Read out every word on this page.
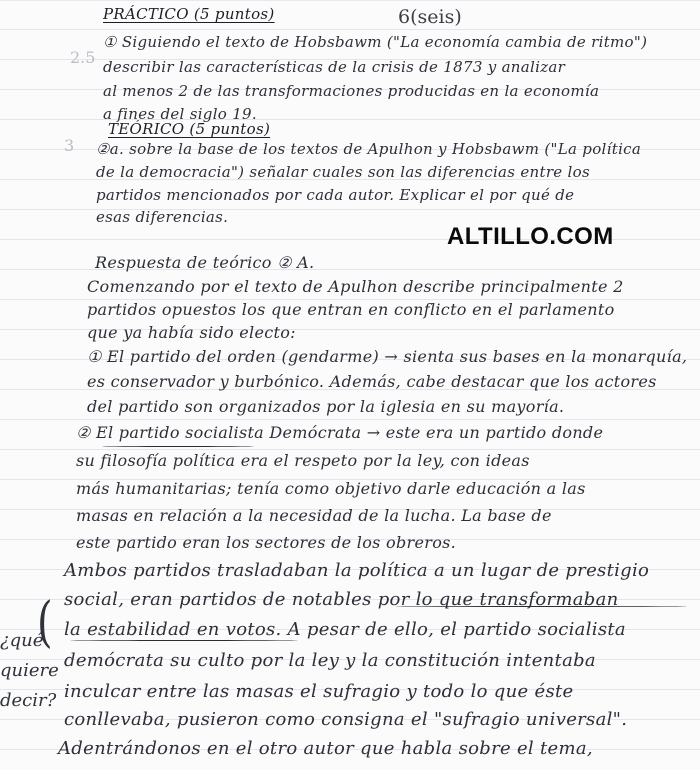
6(seis)
2.5
3
PRÁCTICO (5 puntos)
① Siguiendo el texto de Hobsbawm ("La economía cambia de ritmo")
describir las características de la crisis de 1873 y analizar
al menos 2 de las transformaciones producidas en la economía
a fines del siglo 19.
TEÓRICO (5 puntos)
②a. sobre la base de los textos de Apulhon y Hobsbawm ("La política
de la democracia") señalar cuales son las diferencias entre los
partidos mencionados por cada autor. Explicar el por qué de
esas diferencias.
ALTILLO.COM
Respuesta de teórico ② A.
Comenzando por el texto de Apulhon describe principalmente 2
partidos opuestos los que entran en conflicto en el parlamento
que ya había sido electo:
① El partido del orden (gendarme) → sienta sus bases en la monarquía,
es conservador y burbónico. Además, cabe destacar que los actores
del partido son organizados por la iglesia en su mayoría.
② El partido socialista Demócrata → este era un partido donde
su filosofía política era el respeto por la ley, con ideas
más humanitarias; tenía como objetivo darle educación a las
masas en relación a la necesidad de la lucha. La base de
este partido eran los sectores de los obreros.
Ambos partidos trasladaban la política a un lugar de prestigio
social, eran partidos de notables por lo que transformaban
la estabilidad en votos. A pesar de ello, el partido socialista
demócrata su culto por la ley y la constitución intentaba
inculcar entre las masas el sufragio y todo lo que éste
conllevaba, pusieron como consigna el "sufragio universal".
Adentrándonos en el otro autor que habla sobre el tema,
(
¿qué
quiere
decir?
